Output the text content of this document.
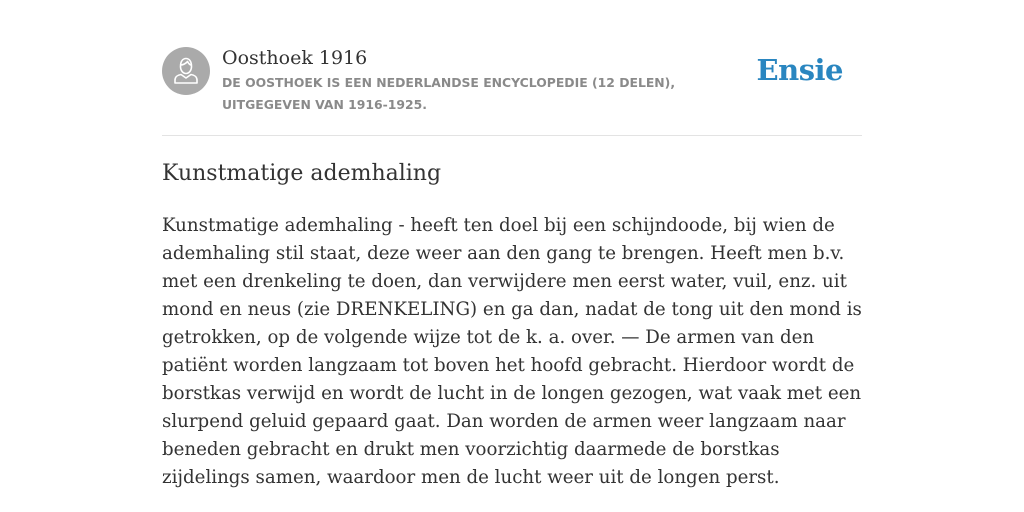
Oosthoek 1916
DE OOSTHOEK IS EEN NEDERLANDSE ENCYCLOPEDIE (12 DELEN), UITGEGEVEN VAN 1916-1925.
Ensie
Kunstmatige ademhaling

Kunstmatige ademhaling - heeft ten doel bij een schijndoode, bij wien de ademhaling stil staat, deze weer aan den gang te brengen. Heeft men b.v. met een drenkeling te doen, dan verwijdere men eerst water, vuil, enz. uit mond en neus (zie DRENKELING) en ga dan, nadat de tong uit den mond is getrokken, op de volgende wijze tot de k. a. over. — De armen van den patiënt worden langzaam tot boven het hoofd gebracht. Hierdoor wordt de borstkas verwijd en wordt de lucht in de longen gezogen, wat vaak met een slurpend geluid gepaard gaat. Dan worden de armen weer langzaam naar beneden gebracht en drukt men voorzichtig daarmede de borstkas zijdelings samen, waardoor men de lucht weer uit de longen perst.
